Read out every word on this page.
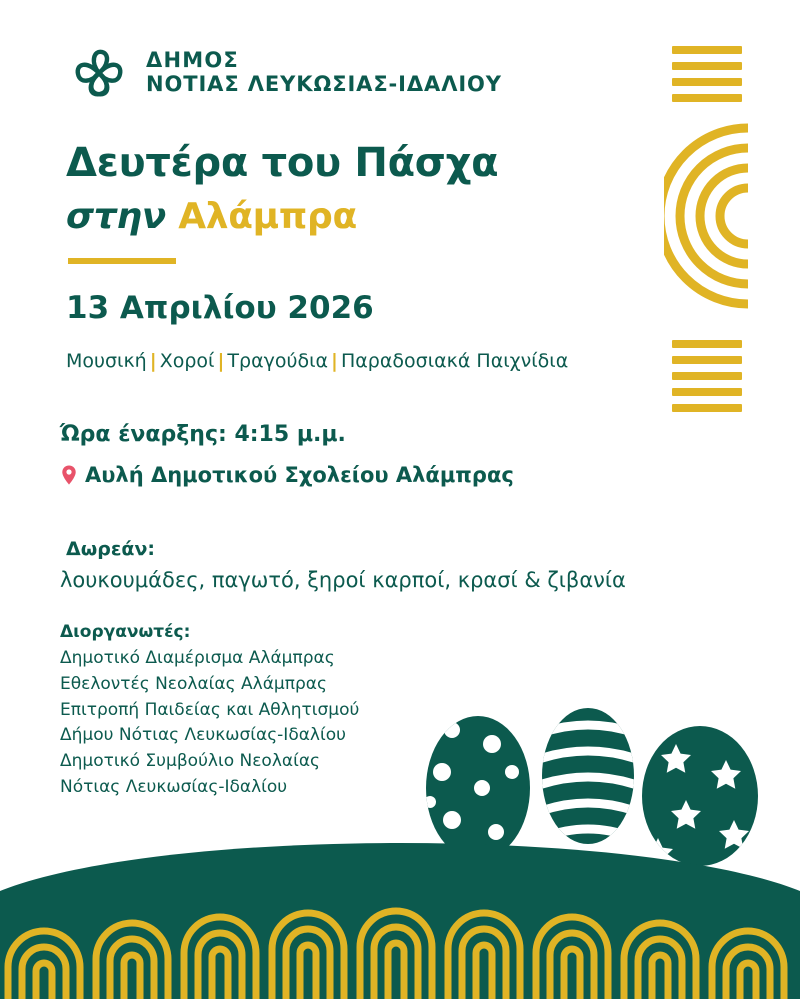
ΔΗΜΟΣ
ΝΟΤΙΑΣ ΛΕΥΚΩΣΙΑΣ-ΙΔΑΛΙΟΥ
Δευτέρα του Πάσχα
στην Αλάμπρα
13 Απριλίου 2026
Μουσική | Χοροί | Τραγούδια | Παραδοσιακά Παιχνίδια
Ώρα έναρξης: 4:15 μ.μ.
Αυλή Δημοτικού Σχολείου Αλάμπρας
Δωρεάν:
λουκουμάδες, παγωτό, ξηροί καρποί, κρασί & ζιβανία
Διοργανωτές:
Δημοτικό Διαμέρισμα Αλάμπρας
Εθελοντές Νεολαίας Αλάμπρας
Επιτροπή Παιδείας και Αθλητισμού
Δήμου Νότιας Λευκωσίας-Ιδαλίου
Δημοτικό Συμβούλιο Νεολαίας
Νότιας Λευκωσίας-Ιδαλίου
